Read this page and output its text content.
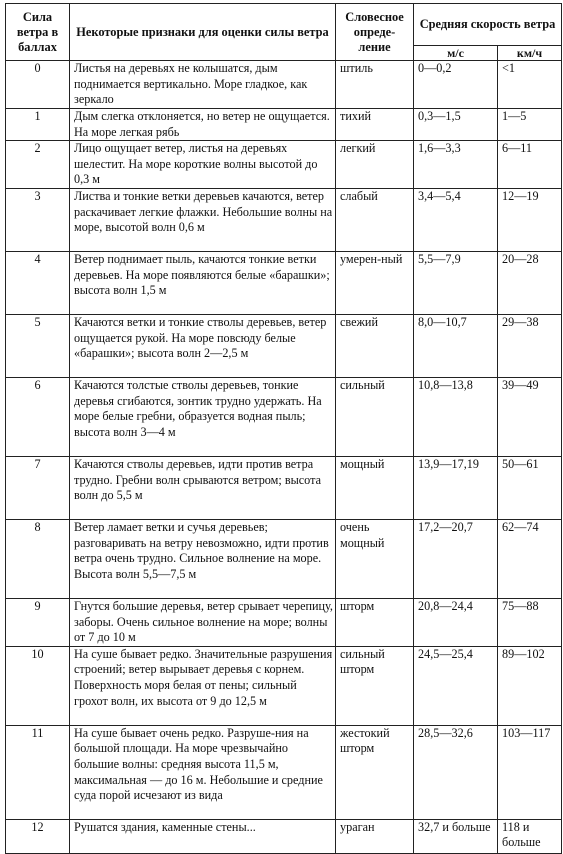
Сила ветра в баллах	Некоторые признаки для оценки силы ветра	Словесное опреде-ление	Средняя скорость ветра	
			м/с	км/ч
0	Листья на деревьях не колышатся, дым поднимается вертикально. Море гладкое, как зеркало	штиль	0—0,2	<1
1	Дым слегка отклоняется, но ветер не ощущается. На море легкая рябь	тихий	0,3—1,5	1—5
2	Лицо ощущает ветер, листья на деревьях шелестит. На море короткие волны высотой до 0,3 м	легкий	1,6—3,3	6—11
3	Листва и тонкие ветки деревьев качаются, ветер раскачивает легкие флажки. Небольшие волны на море, высотой волн 0,6 м	слабый	3,4—5,4	12—19
4	Ветер поднимает пыль, качаются тонкие ветки деревьев. На море появляются белые «барашки»; высота волн 1,5 м	умерен-ный	5,5—7,9	20—28
5	Качаются ветки и тонкие стволы деревьев, ветер ощущается рукой. На море повсюду белые «барашки»; высота волн 2—2,5 м	свежий	8,0—10,7	29—38
6	Качаются толстые стволы деревьев, тонкие деревья сгибаются, зонтик трудно удержать. На море белые гребни, образуется водная пыль; высота волн 3—4 м	сильный	10,8—13,8	39—49
7	Качаются стволы деревьев, идти против ветра трудно. Гребни волн срываются ветром; высота волн до 5,5 м	мощный	13,9—17,19	50—61
8	Ветер ламает ветки и сучья деревьев; разговаривать на ветру невозможно, идти против ветра очень трудно. Сильное волнение на море. Высота волн 5,5—7,5 м	очень мощный	17,2—20,7	62—74
9	Гнутся большие деревья, ветер срывает черепицу, заборы. Очень сильное волнение на море; волны от 7 до 10 м	шторм	20,8—24,4	75—88
10	На суше бывает редко. Значительные разрушения строений; ветер вырывает деревья с корнем. Поверхность моря белая от пены; сильный грохот волн, их высота от 9 до 12,5 м	сильный шторм	24,5—25,4	89—102
11	На суше бывает очень редко. Разруше-ния на большой площади. На море чрезвычайно большие волны: средняя высота 11,5 м, максимальная — до 16 м. Небольшие и средние суда порой исчезают из вида	жестокий шторм	28,5—32,6	103—117
12	Рушатся здания, каменные стены...	ураган	32,7 и больше	118 и больше
